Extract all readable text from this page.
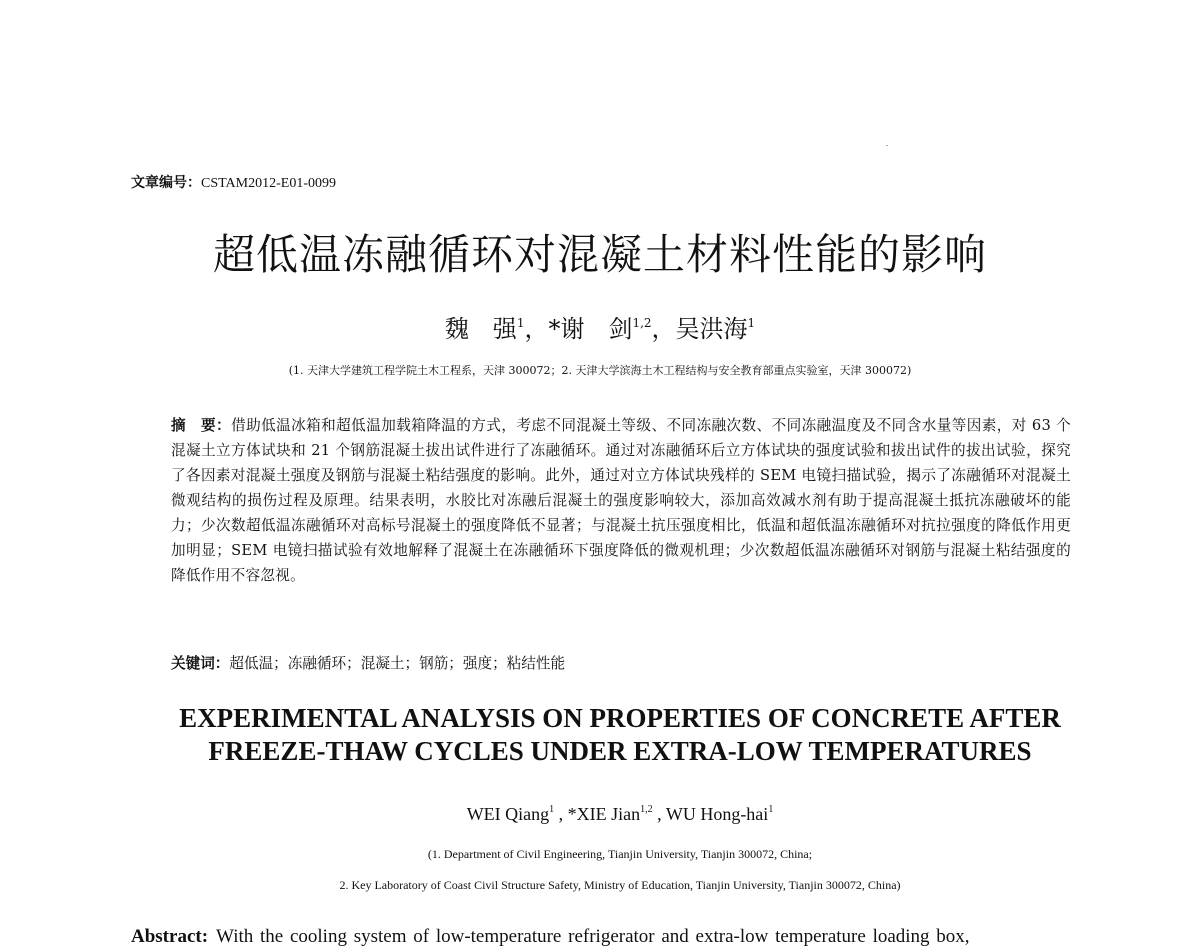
文章编号：CSTAM2012-E01-0099
超低温冻融循环对混凝土材料性能的影响
魏　强$^1$，*谢　剑$^{1,2}$，吴洪海$^1$
(1. 天津大学建筑工程学院土木工程系，天津 300072；2. 天津大学滨海土木工程结构与安全教育部重点实验室，天津 300072)
摘　要：借助低温冰箱和超低温加载箱降温的方式，考虑不同混凝土等级、不同冻融次数、不同冻融温度及不同含水量等因素，对 63 个混凝土立方体试块和 21 个钢筋混凝土拔出试件进行了冻融循环。通过对冻融循环后立方体试块的强度试验和拔出试件的拔出试验，探究了各因素对混凝土强度及钢筋与混凝土粘结强度的影响。此外，通过对立方体试块残样的 SEM 电镜扫描试验，揭示了冻融循环对混凝土微观结构的损伤过程及原理。结果表明，水胶比对冻融后混凝土的强度影响较大，添加高效减水剂有助于提高混凝土抵抗冻融破坏的能力；少次数超低温冻融循环对高标号混凝土的强度降低不显著；与混凝土抗压强度相比，低温和超低温冻融循环对抗拉强度的降低作用更加明显；SEM 电镜扫描试验有效地解释了混凝土在冻融循环下强度降低的微观机理；少次数超低温冻融循环对钢筋与混凝土粘结强度的降低作用不容忽视。
关键词：超低温；冻融循环；混凝土；钢筋；强度；粘结性能
EXPERIMENTAL ANALYSIS ON PROPERTIES OF CONCRETE AFTER
FREEZE-THAW CYCLES UNDER EXTRA-LOW TEMPERATURES
WEI Qiang$^1$ , *XIE Jian$^{1,2}$ , WU Hong-hai$^1$
(1. Department of Civil Engineering, Tianjin University, Tianjin 300072, China;
2. Key Laboratory of Coast Civil Structure Safety, Ministry of Education, Tianjin University, Tianjin 300072, China)
Abstract: With the cooling system of low-temperature refrigerator and extra-low temperature loading box,
